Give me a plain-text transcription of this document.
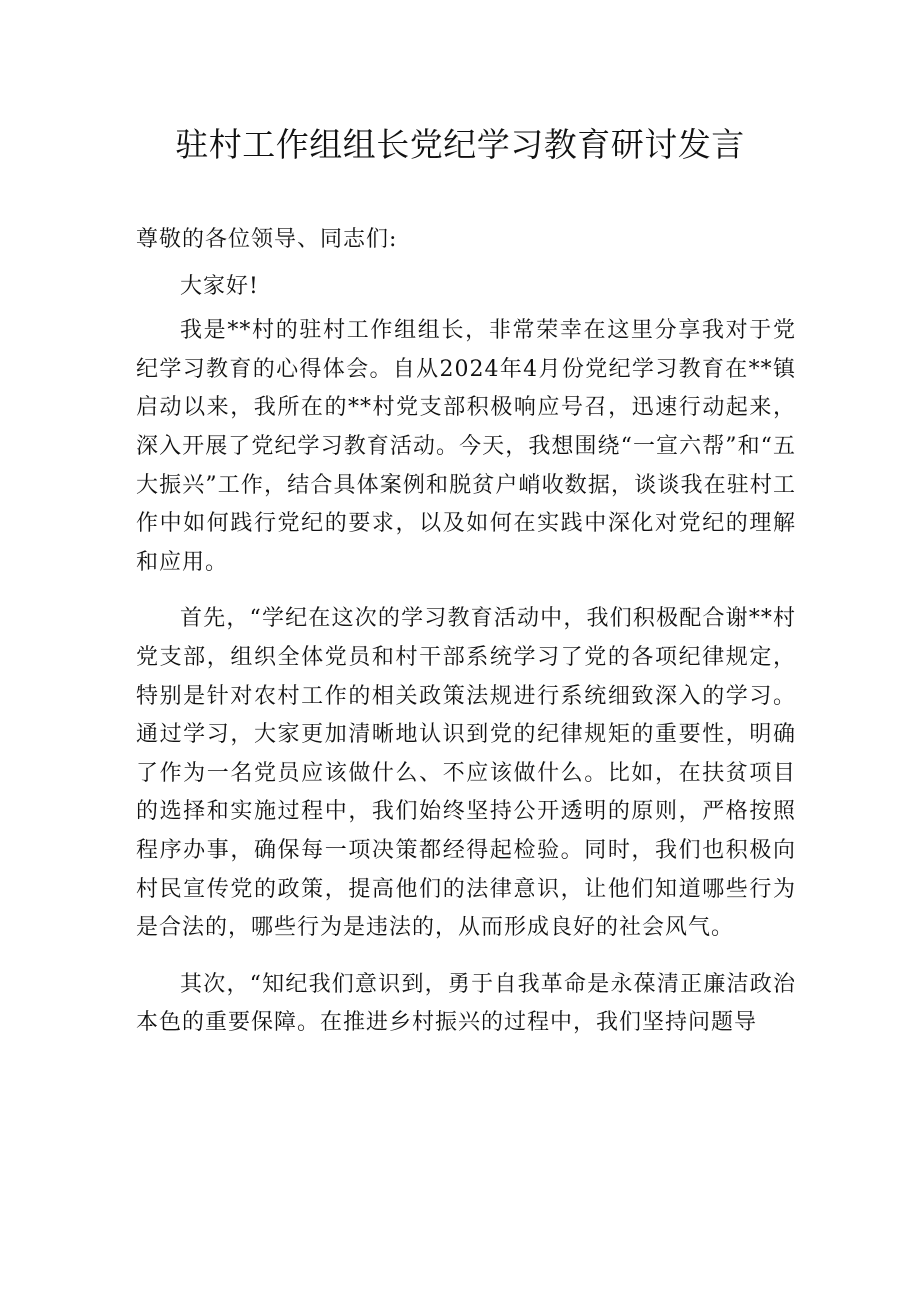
驻村工作组组长党纪学习教育研讨发言

尊敬的各位领导、同志们:

大家好!

我是**村的驻村工作组组长，非常荣幸在这里分享我对于党纪学习教育的心得体会。自从2024年4月份党纪学习教育在**镇启动以来，我所在的**村党支部积极响应号召，迅速行动起来，深入开展了党纪学习教育活动。今天，我想围绕“一宣六帮”和“五大振兴”工作，结合具体案例和脱贫户峭收数据，谈谈我在驻村工作中如何践行党纪的要求，以及如何在实践中深化对党纪的理解和应用。

首先，“学纪在这次的学习教育活动中，我们积极配合谢**村党支部，组织全体党员和村干部系统学习了党的各项纪律规定，特别是针对农村工作的相关政策法规进行系统细致深入的学习。通过学习，大家更加清晰地认识到党的纪律规矩的重要性，明确了作为一名党员应该做什么、不应该做什么。比如，在扶贫项目的选择和实施过程中，我们始终坚持公开透明的原则，严格按照程序办事，确保每一项决策都经得起检验。同时，我们也积极向村民宣传党的政策，提高他们的法律意识，让他们知道哪些行为是合法的，哪些行为是违法的，从而形成良好的社会风气。

其次，“知纪我们意识到，勇于自我革命是永葆清正廉洁政治本色的重要保障。在推进乡村振兴的过程中，我们坚持问题导
